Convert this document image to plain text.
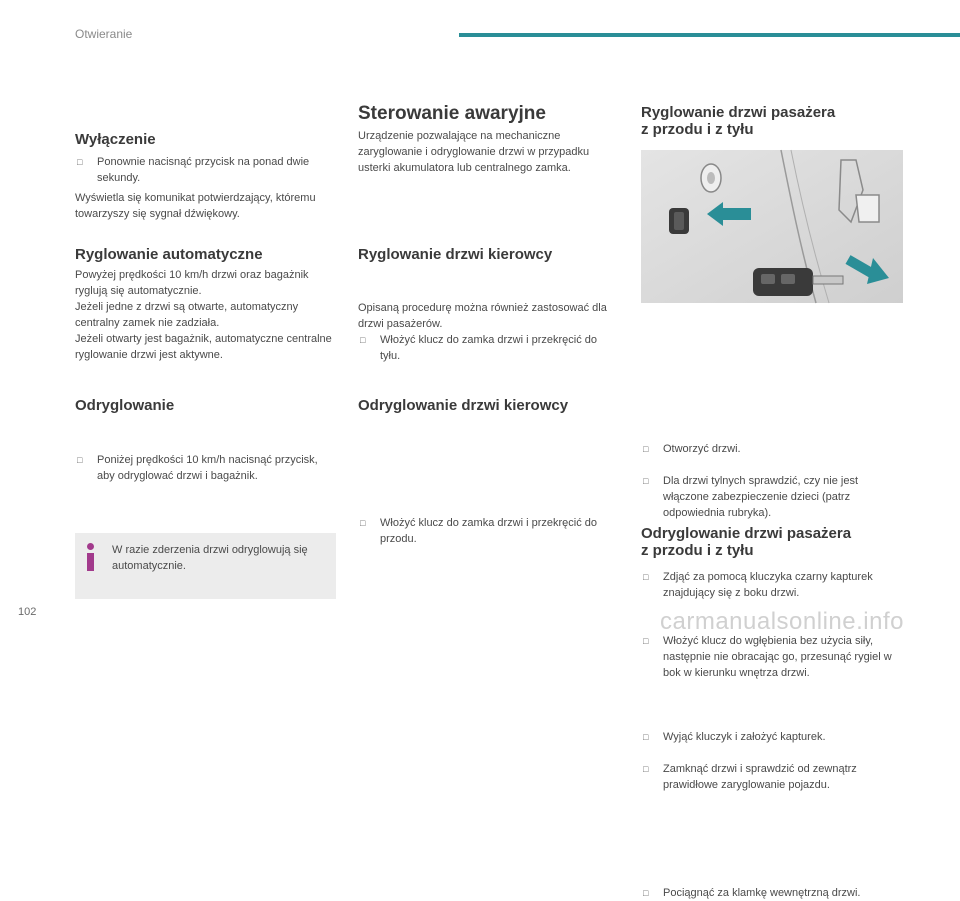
Otwieranie
Wyłączenie
□ Ponownie nacisnąć przycisk na ponad dwie sekundy.

Wyświetla się komunikat potwierdzający, któremu towarzyszy się sygnał dźwiękowy.

Ryglowanie automatyczne

Powyżej prędkości 10 km/h drzwi oraz bagażnik ryglują się automatycznie.

Jeżeli jedne z drzwi są otwarte, automatyczny centralny zamek nie zadziała.

Jeżeli otwarty jest bagażnik, automatyczne centralne ryglowanie drzwi jest aktywne.

Odryglowanie
□ Poniżej prędkości 10 km/h nacisnąć przycisk, aby odryglować drzwi i bagażnik.
W razie zderzenia drzwi odryglowują się automatycznie.
Sterowanie awaryjne

Urządzenie pozwalające na mechaniczne zaryglowanie i odryglowanie drzwi w przypadku usterki akumulatora lub centralnego zamka.

Ryglowanie drzwi kierowcy
□ Włożyć klucz do zamka drzwi i przekręcić do tyłu.

Opisaną procedurę można również zastosować dla drzwi pasażerów.

Odryglowanie drzwi kierowcy
□ Włożyć klucz do zamka drzwi i przekręcić do przodu.
Ryglowanie drzwi pasażera
z przodu i z tyłu
□ Otworzyć drzwi.
□ Dla drzwi tylnych sprawdzić, czy nie jest włączone zabezpieczenie dzieci (patrz odpowiednia rubryka).
□ Zdjąć za pomocą kluczyka czarny kapturek znajdujący się z boku drzwi.
□ Włożyć klucz do wgłębienia bez użycia siły, następnie nie obracając go, przesunąć rygiel w bok w kierunku wnętrza drzwi.
□ Wyjąć kluczyk i założyć kapturek.
□ Zamknąć drzwi i sprawdzić od zewnątrz prawidłowe zaryglowanie pojazdu.
Odryglowanie drzwi pasażera
z przodu i z tyłu
□ Pociągnąć za klamkę wewnętrzną drzwi.
102	carmanualsonline.info
